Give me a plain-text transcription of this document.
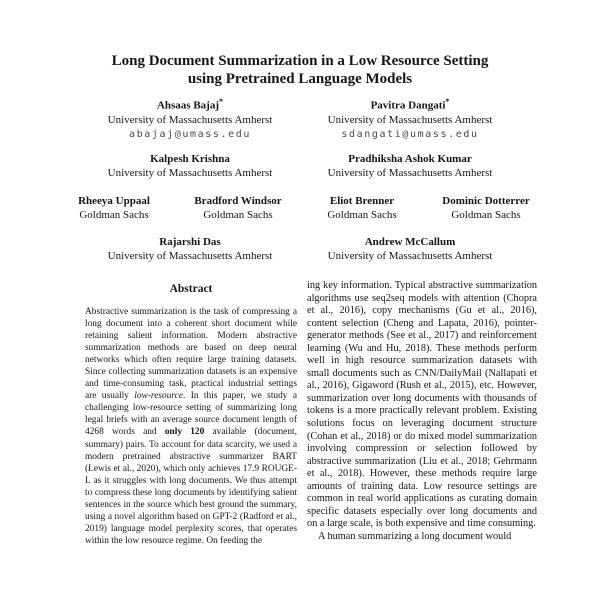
Long Document Summarization in a Low Resource Setting
using Pretrained Language Models
Ahsaas Bajaj*
University of Massachusetts Amherst
abajaj@umass.edu
Pavitra Dangati*
University of Massachusetts Amherst
sdangati@umass.edu
Kalpesh Krishna
University of Massachusetts Amherst
Pradhiksha Ashok Kumar
University of Massachusetts Amherst
Rheeya Uppaal
Goldman Sachs
Bradford Windsor
Goldman Sachs
Eliot Brenner
Goldman Sachs
Dominic Dotterrer
Goldman Sachs
Rajarshi Das
University of Massachusetts Amherst
Andrew McCallum
University of Massachusetts Amherst
Abstract

Abstractive summarization is the task of compressing a long document into a coherent short document while retaining salient information. Modern abstractive summarization methods are based on deep neural networks which often require large training datasets. Since collecting summarization datasets is an expensive and time-consuming task, practical industrial settings are usually low-resource. In this paper, we study a challenging low-resource setting of summarizing long legal briefs with an average source document length of 4268 words and only 120 available (document, summary) pairs. To account for data scarcity, we used a modern pretrained abstractive summarizer BART (Lewis et al., 2020), which only achieves 17.9 ROUGE-L as it struggles with long documents. We thus attempt to compress these long documents by identifying salient sentences in the source which best ground the summary, using a novel algorithm based on GPT-2 (Radford et al., 2019) language model perplexity scores, that operates within the low resource regime. On feeding the

ing key information. Typical abstractive summarization algorithms use seq2seq models with attention (Chopra et al., 2016), copy mechanisms (Gu et al., 2016), content selection (Cheng and Lapata, 2016), pointer-generator methods (See et al., 2017) and reinforcement learning (Wu and Hu, 2018). These methods perform well in high resource summarization datasets with small documents such as CNN/DailyMail (Nallapati et al., 2016), Gigaword (Rush et al., 2015), etc. However, summarization over long documents with thousands of tokens is a more practically relevant problem. Existing solutions focus on leveraging document structure (Cohan et al., 2018) or do mixed model summarization involving compression or selection followed by abstractive summarization (Liu et al., 2018; Gehrmann et al., 2018). However, these methods require large amounts of training data. Low resource settings are common in real world applications as curating domain specific datasets especially over long documents and on a large scale, is both expensive and time consuming.

A human summarizing a long document would
